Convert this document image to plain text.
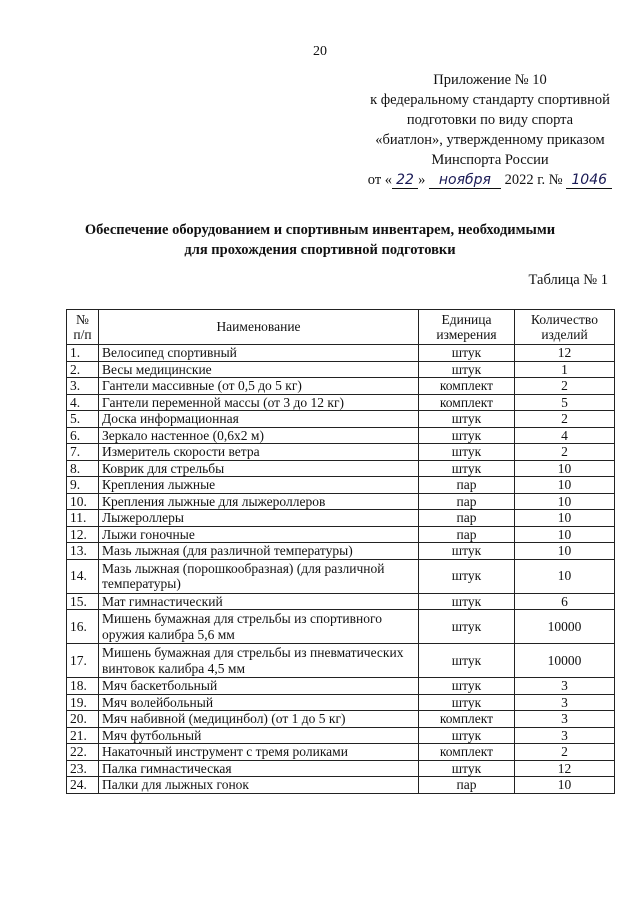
20
Приложение № 10
к федеральному стандарту спортивной
подготовки по виду спорта
«биатлон», утвержденному приказом
Минспорта России
от « 22 » ноября 2022 г. № 1046
Обеспечение оборудованием и спортивным инвентарем, необходимыми
для прохождения спортивной подготовки
Таблица № 1
№ п/п	Наименование	Единица измерения	Количество изделий
1.	Велосипед спортивный	штук	12
2.	Весы медицинские	штук	1
3.	Гантели массивные (от 0,5 до 5 кг)	комплект	2
4.	Гантели переменной массы (от 3 до 12 кг)	комплект	5
5.	Доска информационная	штук	2
6.	Зеркало настенное (0,6х2 м)	штук	4
7.	Измеритель скорости ветра	штук	2
8.	Коврик для стрельбы	штук	10
9.	Крепления лыжные	пар	10
10.	Крепления лыжные для лыжероллеров	пар	10
11.	Лыжероллеры	пар	10
12.	Лыжи гоночные	пар	10
13.	Мазь лыжная (для различной температуры)	штук	10
14.	Мазь лыжная (порошкообразная) (для различной температуры)	штук	10
15.	Мат гимнастический	штук	6
16.	Мишень бумажная для стрельбы из спортивного оружия калибра 5,6 мм	штук	10000
17.	Мишень бумажная для стрельбы из пневматических винтовок калибра 4,5 мм	штук	10000
18.	Мяч баскетбольный	штук	3
19.	Мяч волейбольный	штук	3
20.	Мяч набивной (медицинбол) (от 1 до 5 кг)	комплект	3
21.	Мяч футбольный	штук	3
22.	Накаточный инструмент с тремя роликами	комплект	2
23.	Палка гимнастическая	штук	12
24.	Палки для лыжных гонок	пар	10
